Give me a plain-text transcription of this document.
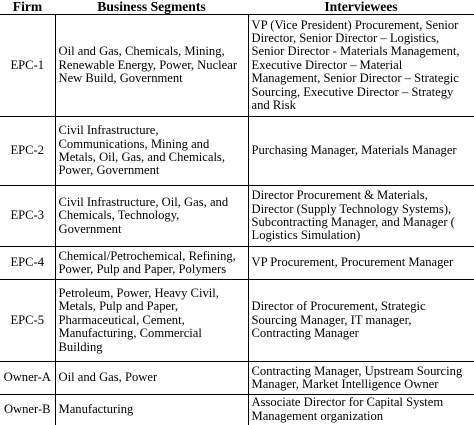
Firm	Business Segments	Interviewees
EPC-1	Oil and Gas, Chemicals, Mining, Renewable Energy, Power, Nuclear New Build, Government	VP (Vice President) Procurement, Senior Director, Senior Director – Logistics, Senior Director - Materials Management, Executive Director – Material Management, Senior Director – Strategic Sourcing, Executive Director – Strategy and Risk
EPC-2	Civil Infrastructure, Communications, Mining and Metals, Oil, Gas, and Chemicals, Power, Government	Purchasing Manager, Materials Manager
EPC-3	Civil Infrastructure, Oil, Gas, and Chemicals, Technology, Government	Director Procurement & Materials, Director (Supply Technology Systems), Subcontracting Manager, and Manager ( Logistics Simulation)
EPC-4	Chemical/Petrochemical, Refining, Power, Pulp and Paper, Polymers	VP Procurement, Procurement Manager
EPC-5	Petroleum, Power, Heavy Civil, Metals, Pulp and Paper, Pharmaceutical, Cement, Manufacturing, Commercial Building	Director of Procurement, Strategic Sourcing Manager, IT manager, Contracting Manager
Owner-A	Oil and Gas, Power	Contracting Manager, Upstream Sourcing Manager, Market Intelligence Owner
Owner-B	Manufacturing	Associate Director for Capital System Management organization
